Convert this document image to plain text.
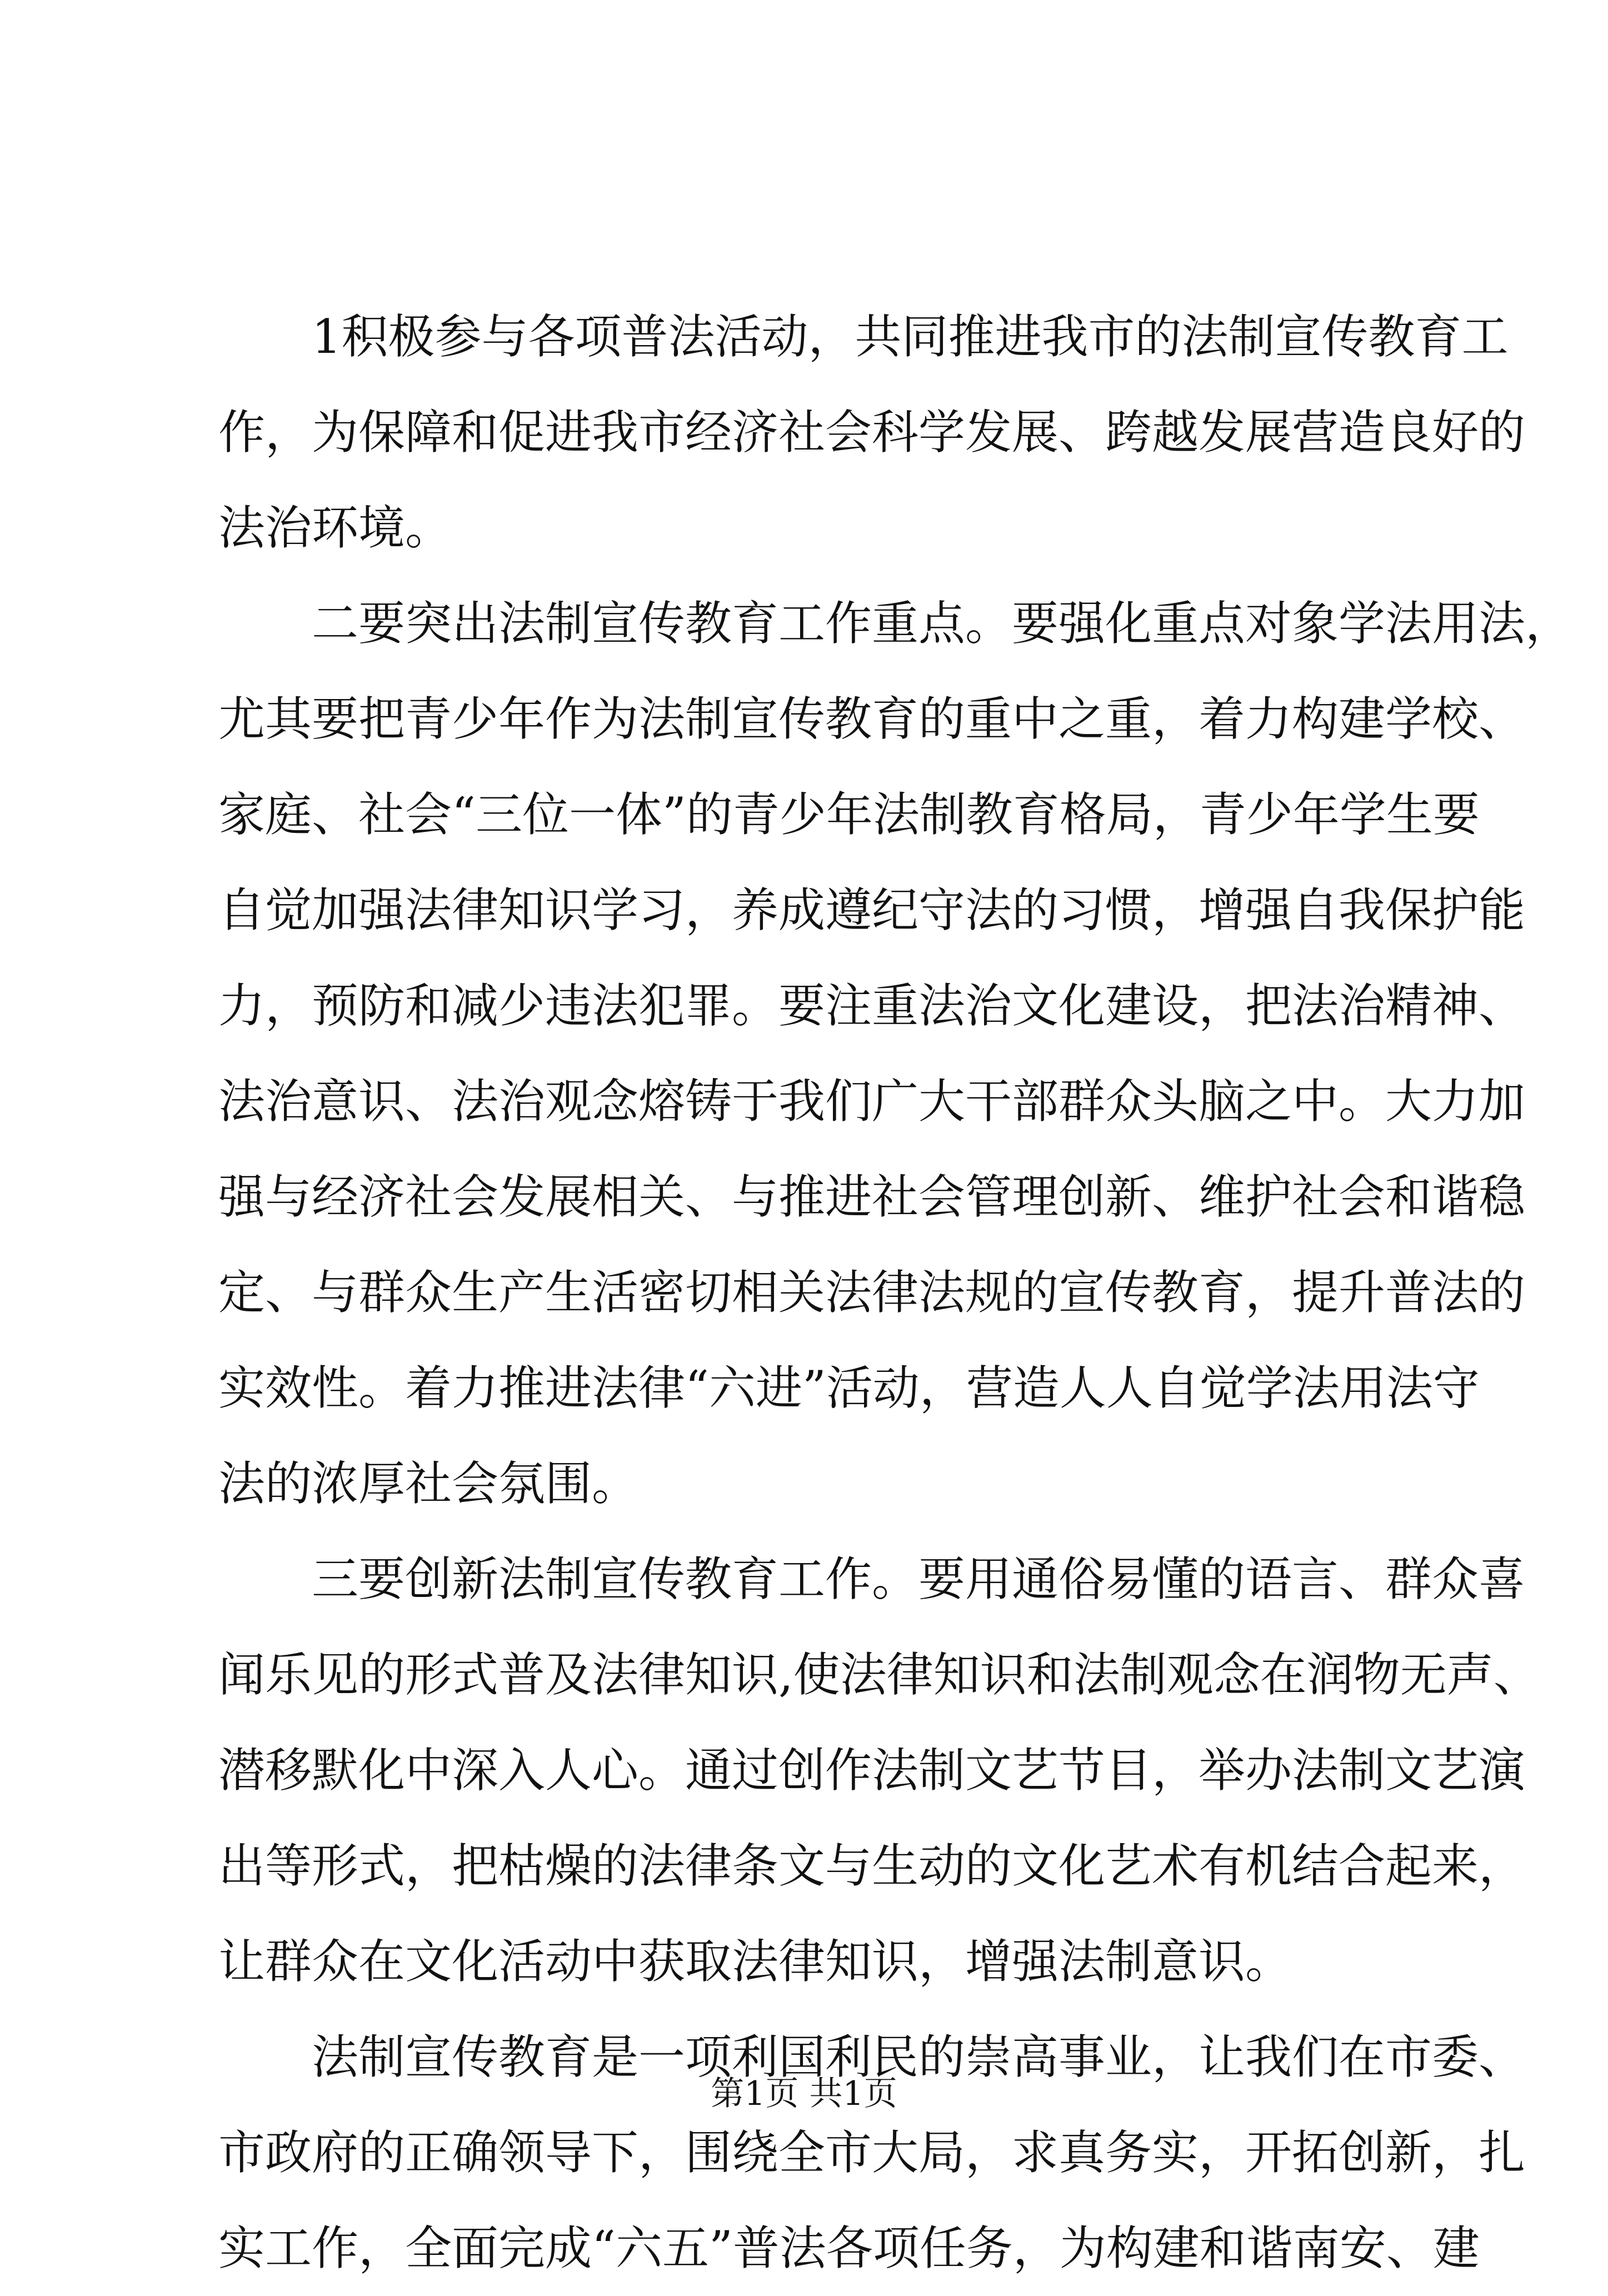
1积极参与各项普法活动，共同推进我市的法制宣传教育工
作，为保障和促进我市经济社会科学发展、跨越发展营造良好的
法治环境。
二要突出法制宣传教育工作重点。要强化重点对象学法用法，
尤其要把青少年作为法制宣传教育的重中之重，着力构建学校、
家庭、社会“三位一体”的青少年法制教育格局，青少年学生要
自觉加强法律知识学习，养成遵纪守法的习惯，增强自我保护能
力，预防和减少违法犯罪。要注重法治文化建设，把法治精神、
法治意识、法治观念熔铸于我们广大干部群众头脑之中。大力加
强与经济社会发展相关、与推进社会管理创新、维护社会和谐稳
定、与群众生产生活密切相关法律法规的宣传教育，提升普法的
实效性。着力推进法律“六进”活动，营造人人自觉学法用法守
法的浓厚社会氛围。
三要创新法制宣传教育工作。要用通俗易懂的语言、群众喜
闻乐见的形式普及法律知识,使法律知识和法制观念在润物无声、
潜移默化中深入人心。通过创作法制文艺节目，举办法制文艺演
出等形式，把枯燥的法律条文与生动的文化艺术有机结合起来，
让群众在文化活动中获取法律知识，增强法制意识。
法制宣传教育是一项利国利民的崇高事业，让我们在市委、
市政府的正确领导下，围绕全市大局，求真务实，开拓创新，扎
实工作，全面完成“六五”普法各项任务，为构建和谐南安、建
第1页 共1页
